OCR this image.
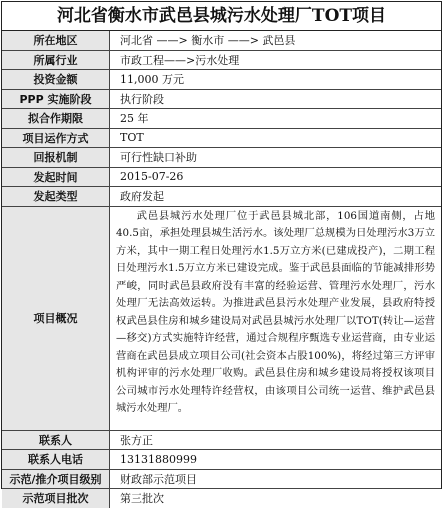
河北省衡水市武邑县城污水处理厂TOT项目
所在地区	河北省 ——> 衡水市 ——> 武邑县
所属行业	市政工程——>污水处理
投资金额	11,000 万元
PPP 实施阶段	执行阶段
拟合作期限	25 年
项目运作方式	TOT
回报机制	可行性缺口补助
发起时间	2015-07-26
发起类型	政府发起
项目概况	武邑县城污水处理厂位于武邑县城北部，106国道南侧，占地40.5亩，承担处理县城生活污水。该处理厂总规模为日处理污水3万立方米，其中一期工程日处理污水1.5万立方米(已建成投产)，二期工程日处理污水1.5万立方米已建设完成。鉴于武邑县面临的节能减排形势严峻，同时武邑县政府没有丰富的经验运营、管理污水处理厂，污水处理厂无法高效运转。为推进武邑县污水处理产业发展，县政府特授权武邑县住房和城乡建设局对武邑县城污水处理厂以TOT(转让—运营—移交)方式实施特许经营，通过合规程序甄选专业运营商，由专业运营商在武邑县成立项目公司(社会资本占股100%)，将经过第三方评审机构评审的污水处理厂收购。武邑县住房和城乡建设局将授权该项目公司城市污水处理特许经营权，由该项目公司统一运营、维护武邑县城污水处理厂。
联系人	张方正
联系人电话	13131880999
示范/推介项目级别	财政部示范项目
示范项目批次	第三批次
